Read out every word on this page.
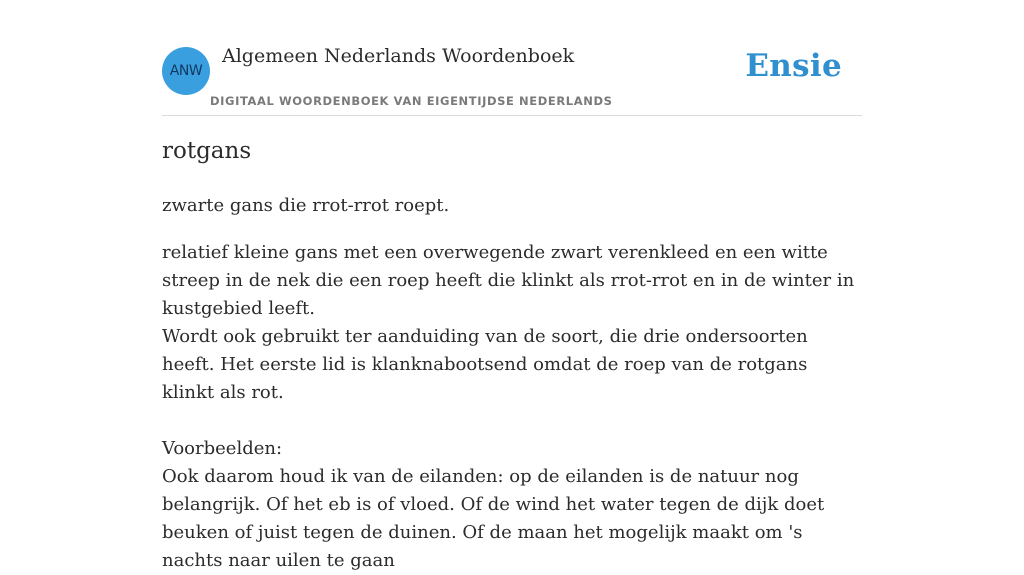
ANW
Algemeen Nederlands Woordenboek
DIGITAAL WOORDENBOEK VAN EIGENTIJDSE NEDERLANDS
Ensie
rotgans
zwarte gans die rrot-rrot roept.

relatief kleine gans met een overwegende zwart verenkleed en een witte streep in de nek die een roep heeft die klinkt als rrot-rrot en in de winter in kustgebied leeft.

Wordt ook gebruikt ter aanduiding van de soort, die drie ondersoorten heeft. Het eerste lid is klanknabootsend omdat de roep van de rotgans klinkt als rot.

Voorbeelden:

Ook daarom houd ik van de eilanden: op de eilanden is de natuur nog belangrijk. Of het eb is of vloed. Of de wind het water tegen de dijk doet beuken of juist tegen de duinen. Of de maan het mogelijk maakt om 's nachts naar uilen te gaan
